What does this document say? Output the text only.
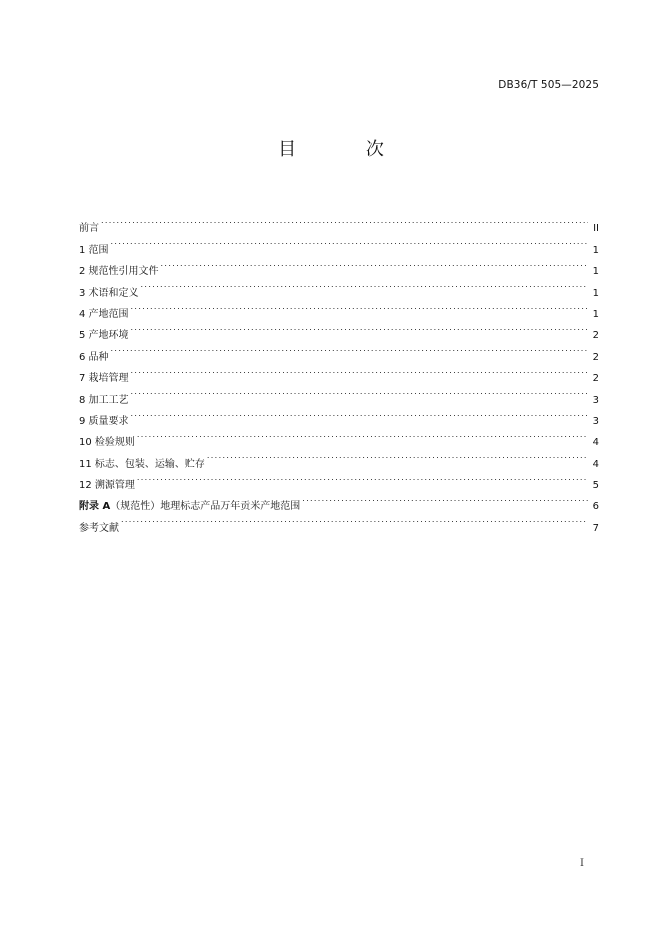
DB36/T 505—2025
目 次
前言 . . .	II
1 范围 . . .	1
2 规范性引用文件 . . .	1
3 术语和定义 . . .	1
4 产地范围 . . .	1
5 产地环境 . . .	2
6 品种 . . .	2
7 栽培管理 . . .	2
8 加工工艺 . . .	3
9 质量要求 . . .	3
10 检验规则 . . .	4
11 标志、包装、运输、贮存 . . .	4
12 溯源管理 . . .	5
附录 A（规范性）地理标志产品万年贡米产地范围 . . .	6
参考文献 . . .	7
I
